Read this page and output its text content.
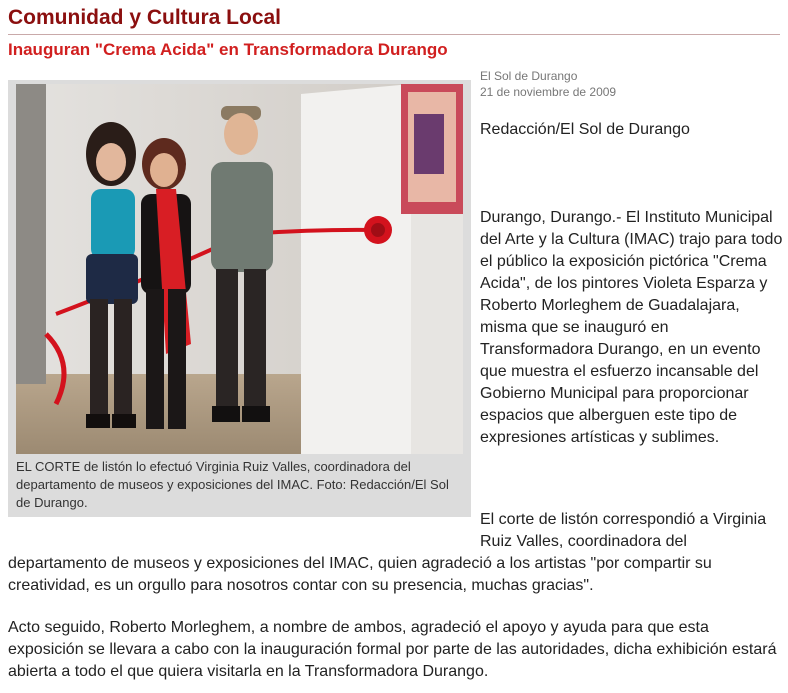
Comunidad y Cultura Local
Inauguran "Crema Acida" en Transformadora Durango
EL CORTE de listón lo efectuó Virginia Ruiz Valles, coordinadora del departamento de museos y exposiciones del IMAC. Foto: Redacción/El Sol de Durango.
El Sol de Durango
21 de noviembre de 2009
Redacción/El Sol de Durango

Durango, Durango.- El Instituto Municipal del Arte y la Cultura (IMAC) trajo para todo el público la exposición pictórica "Crema Acida", de los pintores Violeta Esparza y Roberto Morleghem de Guadalajara, misma que se inauguró en Transformadora Durango, en un evento que muestra el esfuerzo incansable del Gobierno Municipal para proporcionar espacios que alberguen este tipo de expresiones artísticas y sublimes.

El corte de listón correspondió a Virginia Ruiz Valles, coordinadora del

departamento de museos y exposiciones del IMAC, quien agradeció a los artistas "por compartir su creatividad, es un orgullo para nosotros contar con su presencia, muchas gracias".

Acto seguido, Roberto Morleghem, a nombre de ambos, agradeció el apoyo y ayuda para que esta exposición se llevara a cabo con la inauguración formal por parte de las autoridades, dicha exhibición estará abierta a todo el que quiera visitarla en la Transformadora Durango.
